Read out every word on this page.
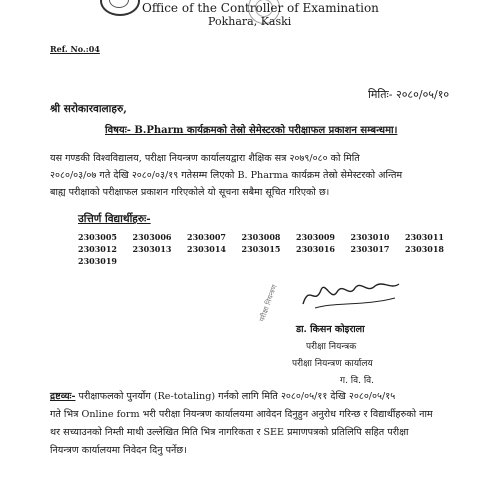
Office of the Controller of Examination
Pokhara, Kaski
Ref. No.:04
मितिः- २०८०/०५/१०
श्री सरोकारवालाहरु,
विषयः- B.Pharm कार्यक्रमको तेस्रो सेमेस्टरको परीक्षाफल प्रकाशन सम्बन्धमा।
यस गण्डकी विश्वविद्यालय, परीक्षा नियन्त्रण कार्यालयद्वारा शैक्षिक सत्र २०७९/०८० को मिति
२०८०/०३/०७ गते देखि २०८०/०३/१९ गतेसम्म लिएको B. Pharma कार्यक्रम तेस्रो सेमेस्टरको अन्तिम
बाह्य परीक्षाको परीक्षाफल प्रकाशन गरिएकोले यो सूचना सबैमा सूचित गरिएको छ।
उत्तिर्ण विद्यार्थीहरुः-
2303005	2303006	2303007	2303008	2303009	2303010	2303011
2303012	2303013	2303014	2303015	2303016	2303017	2303018
2303019
परीक्षा नियन्त्रण
डा. किसन कोइराला
परीक्षा नियन्त्रक
परीक्षा नियन्त्रण कार्यालय
ग. वि. वि.
द्रष्टव्यः- परीक्षाफलको पुनर्योग (Re-totaling) गर्नको लागि मिति २०८०/०५/११ देखि २०८०/०५/१५
गते भित्र Online form भरी परीक्षा नियन्त्रण कार्यालयमा आवेदन दिनुहुन अनुरोध गरिन्छ र विद्यार्थीहरुको नाम
थर सच्याउनको निम्ती माथी उल्लेखित मिति भित्र नागरिकता र SEE प्रमाणपत्रको प्रतिलिपि सहित परीक्षा
नियन्त्रण कार्यालयमा निवेदन दिनु पर्नेछ।
